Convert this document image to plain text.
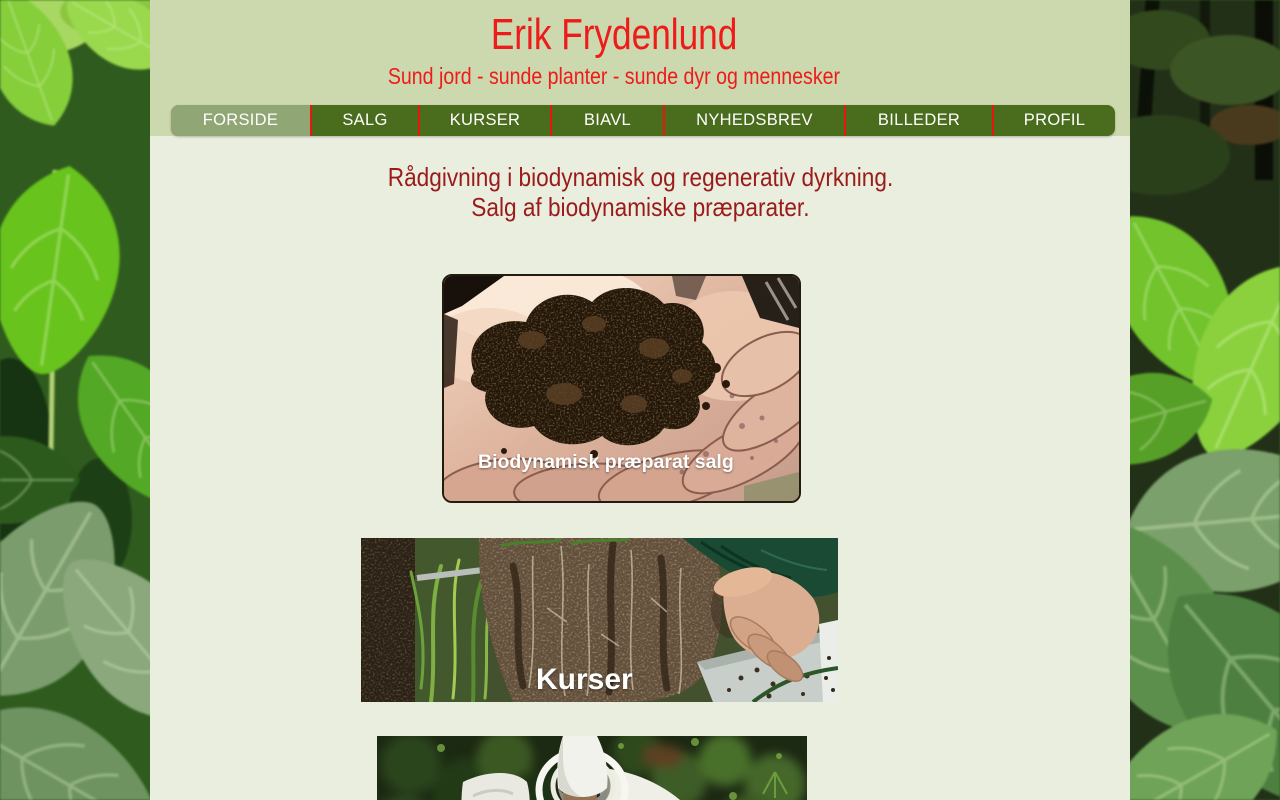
Erik Frydenlund
Sund jord - sunde planter - sunde dyr og mennesker
FORSIDE	SALG	KURSER	BIAVL	NYHEDSBREV	BILLEDER	PROFIL
Rådgivning i biodynamisk og regenerativ dyrkning.
Salg af biodynamiske præparater.
Biodynamisk præparat salg
Kurser
